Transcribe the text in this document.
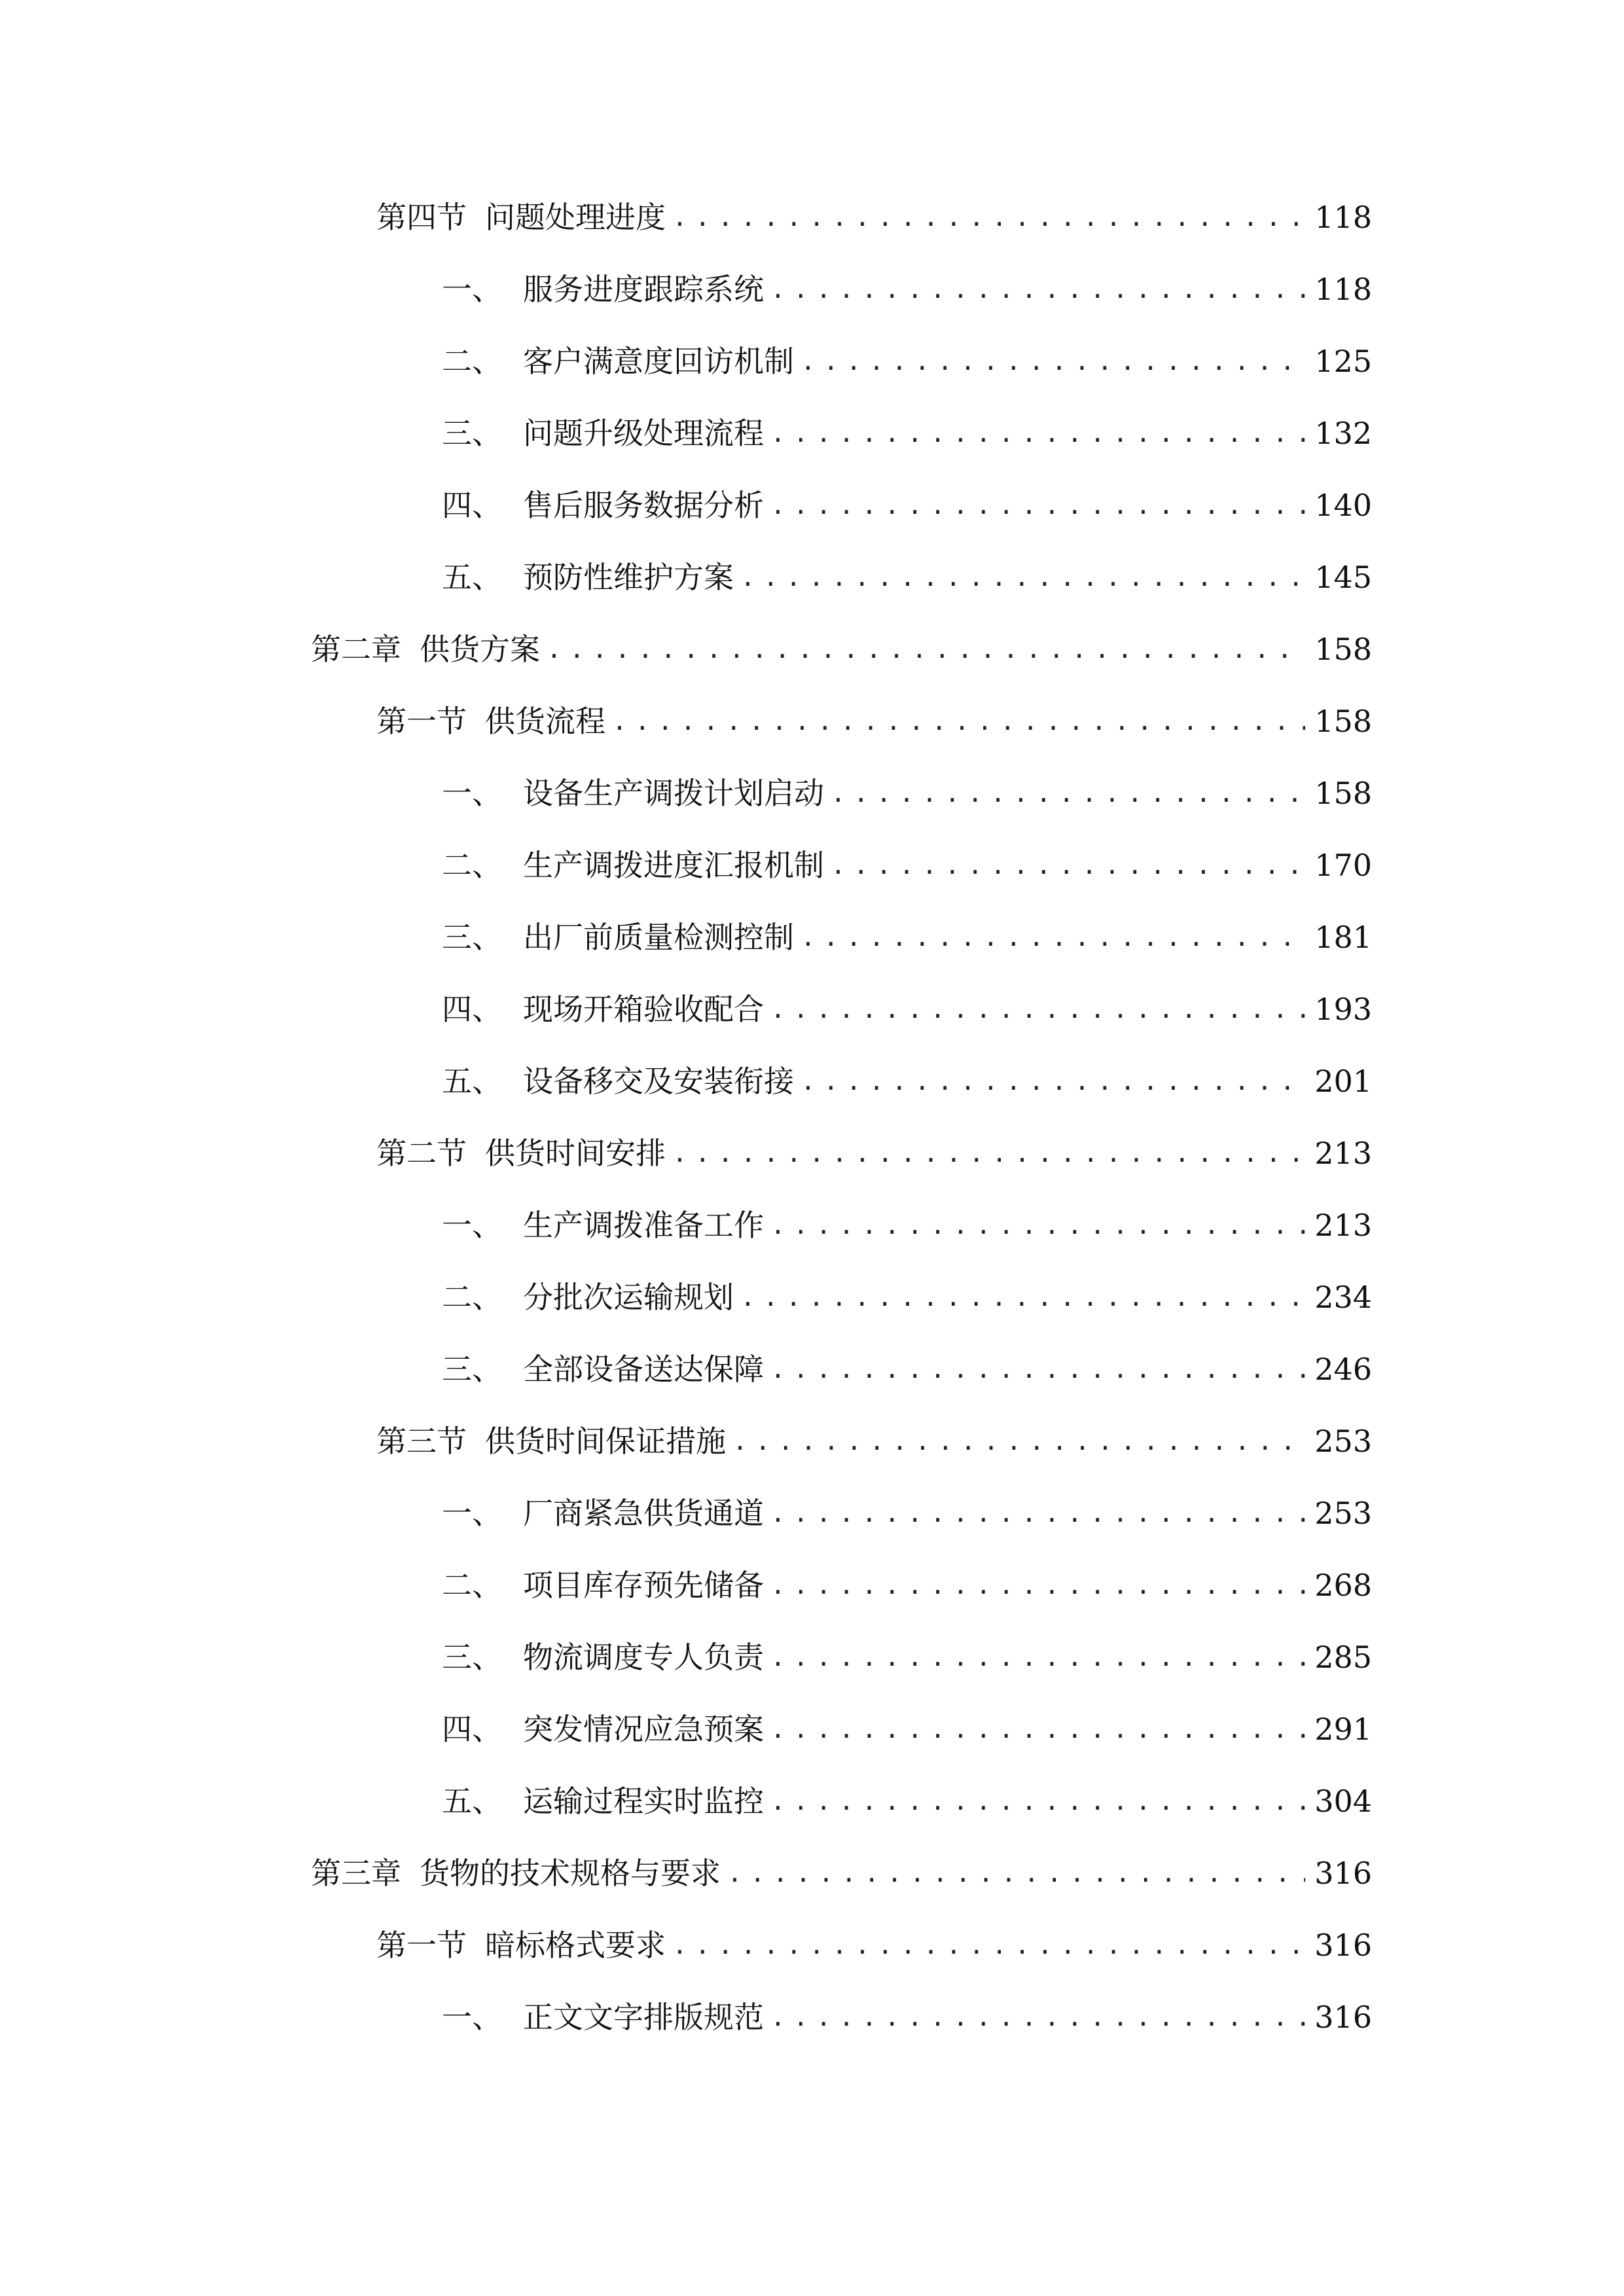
第四节 问题处理进度 .....	118
一、 服务进度跟踪系统 .....	118
二、 客户满意度回访机制 .....	125
三、 问题升级处理流程 .....	132
四、 售后服务数据分析 .....	140
五、 预防性维护方案 .....	145
第二章 供货方案 .....	158
第一节 供货流程 .....	158
一、 设备生产调拨计划启动 .....	158
二、 生产调拨进度汇报机制 .....	170
三、 出厂前质量检测控制 .....	181
四、 现场开箱验收配合 .....	193
五、 设备移交及安装衔接 .....	201
第二节 供货时间安排 .....	213
一、 生产调拨准备工作 .....	213
二、 分批次运输规划 .....	234
三、 全部设备送达保障 .....	246
第三节 供货时间保证措施 .....	253
一、 厂商紧急供货通道 .....	253
二、 项目库存预先储备 .....	268
三、 物流调度专人负责 .....	285
四、 突发情况应急预案 .....	291
五、 运输过程实时监控 .....	304
第三章 货物的技术规格与要求 .....	316
第一节 暗标格式要求 .....	316
一、 正文文字排版规范 .....	316
